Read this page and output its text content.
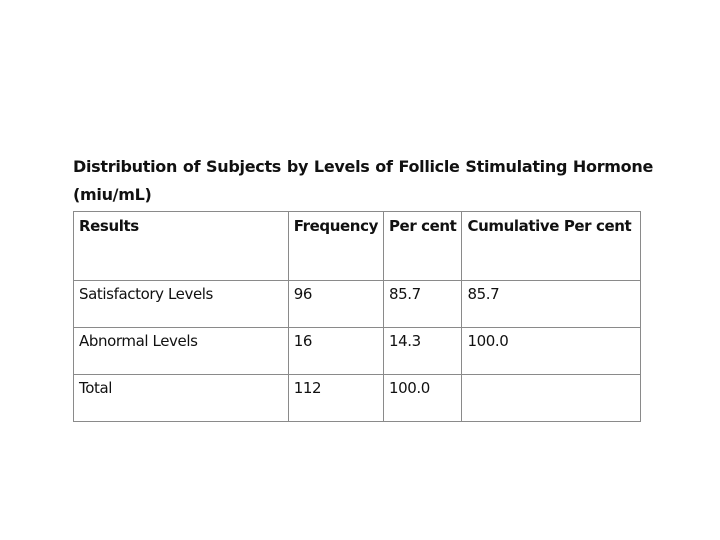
Distribution of Subjects by Levels of Follicle Stimulating Hormone
(miu/mL)
Results	Frequency	Per cent	Cumulative Per cent
Satisfactory Levels	96	85.7	85.7
Abnormal Levels	16	14.3	100.0
Total	112	100.0	
